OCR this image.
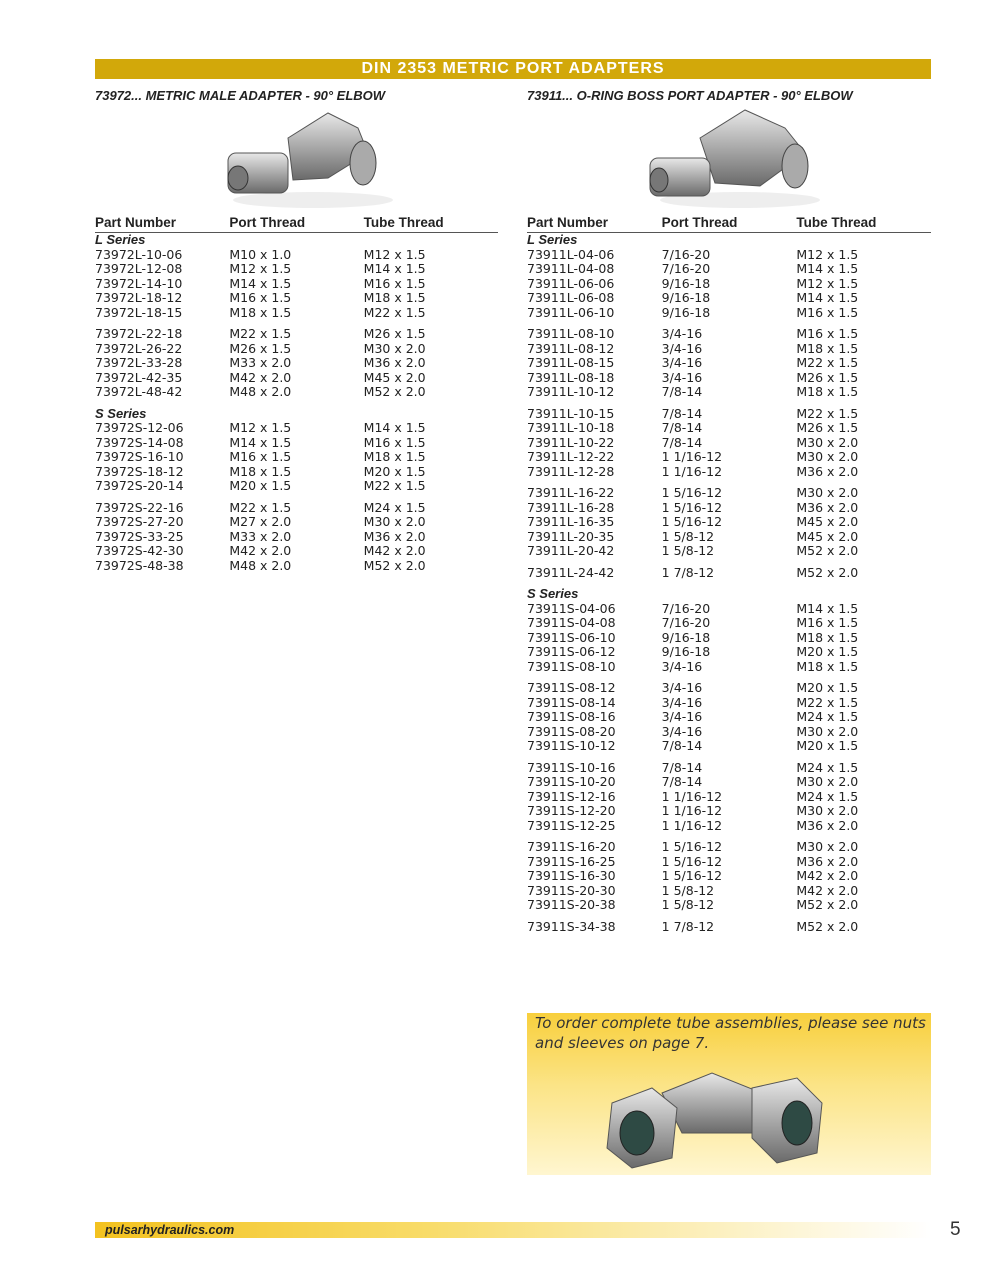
DIN 2353 METRIC PORT ADAPTERS
73972... METRIC MALE ADAPTER - 90° ELBOW	73911... O-RING BOSS PORT ADAPTER - 90° ELBOW
Part Number	Port Thread	Tube Thread
L Series
73972L-10-06	M10 x 1.0	M12 x 1.5
73972L-12-08	M12 x 1.5	M14 x 1.5
73972L-14-10	M14 x 1.5	M16 x 1.5
73972L-18-12	M16 x 1.5	M18 x 1.5
73972L-18-15	M18 x 1.5	M22 x 1.5
73972L-22-18	M22 x 1.5	M26 x 1.5
73972L-26-22	M26 x 1.5	M30 x 2.0
73972L-33-28	M33 x 2.0	M36 x 2.0
73972L-42-35	M42 x 2.0	M45 x 2.0
73972L-48-42	M48 x 2.0	M52 x 2.0
S Series
73972S-12-06	M12 x 1.5	M14 x 1.5
73972S-14-08	M14 x 1.5	M16 x 1.5
73972S-16-10	M16 x 1.5	M18 x 1.5
73972S-18-12	M18 x 1.5	M20 x 1.5
73972S-20-14	M20 x 1.5	M22 x 1.5
73972S-22-16	M22 x 1.5	M24 x 1.5
73972S-27-20	M27 x 2.0	M30 x 2.0
73972S-33-25	M33 x 2.0	M36 x 2.0
73972S-42-30	M42 x 2.0	M42 x 2.0
73972S-48-38	M48 x 2.0	M52 x 2.0
Part Number	Port Thread	Tube Thread
L Series
73911L-04-06	7/16-20	M12 x 1.5
73911L-04-08	7/16-20	M14 x 1.5
73911L-06-06	9/16-18	M12 x 1.5
73911L-06-08	9/16-18	M14 x 1.5
73911L-06-10	9/16-18	M16 x 1.5
73911L-08-10	3/4-16	M16 x 1.5
73911L-08-12	3/4-16	M18 x 1.5
73911L-08-15	3/4-16	M22 x 1.5
73911L-08-18	3/4-16	M26 x 1.5
73911L-10-12	7/8-14	M18 x 1.5
73911L-10-15	7/8-14	M22 x 1.5
73911L-10-18	7/8-14	M26 x 1.5
73911L-10-22	7/8-14	M30 x 2.0
73911L-12-22	1 1/16-12	M30 x 2.0
73911L-12-28	1 1/16-12	M36 x 2.0
73911L-16-22	1 5/16-12	M30 x 2.0
73911L-16-28	1 5/16-12	M36 x 2.0
73911L-16-35	1 5/16-12	M45 x 2.0
73911L-20-35	1 5/8-12	M45 x 2.0
73911L-20-42	1 5/8-12	M52 x 2.0
73911L-24-42	1 7/8-12	M52 x 2.0
S Series
73911S-04-06	7/16-20	M14 x 1.5
73911S-04-08	7/16-20	M16 x 1.5
73911S-06-10	9/16-18	M18 x 1.5
73911S-06-12	9/16-18	M20 x 1.5
73911S-08-10	3/4-16	M18 x 1.5
73911S-08-12	3/4-16	M20 x 1.5
73911S-08-14	3/4-16	M22 x 1.5
73911S-08-16	3/4-16	M24 x 1.5
73911S-08-20	3/4-16	M30 x 2.0
73911S-10-12	7/8-14	M20 x 1.5
73911S-10-16	7/8-14	M24 x 1.5
73911S-10-20	7/8-14	M30 x 2.0
73911S-12-16	1 1/16-12	M24 x 1.5
73911S-12-20	1 1/16-12	M30 x 2.0
73911S-12-25	1 1/16-12	M36 x 2.0
73911S-16-20	1 5/16-12	M30 x 2.0
73911S-16-25	1 5/16-12	M36 x 2.0
73911S-16-30	1 5/16-12	M42 x 2.0
73911S-20-30	1 5/8-12	M42 x 2.0
73911S-20-38	1 5/8-12	M52 x 2.0
73911S-34-38	1 7/8-12	M52 x 2.0
To order complete tube assemblies, please see nuts and sleeves on page 7.
pulsarhydraulics.com	5
